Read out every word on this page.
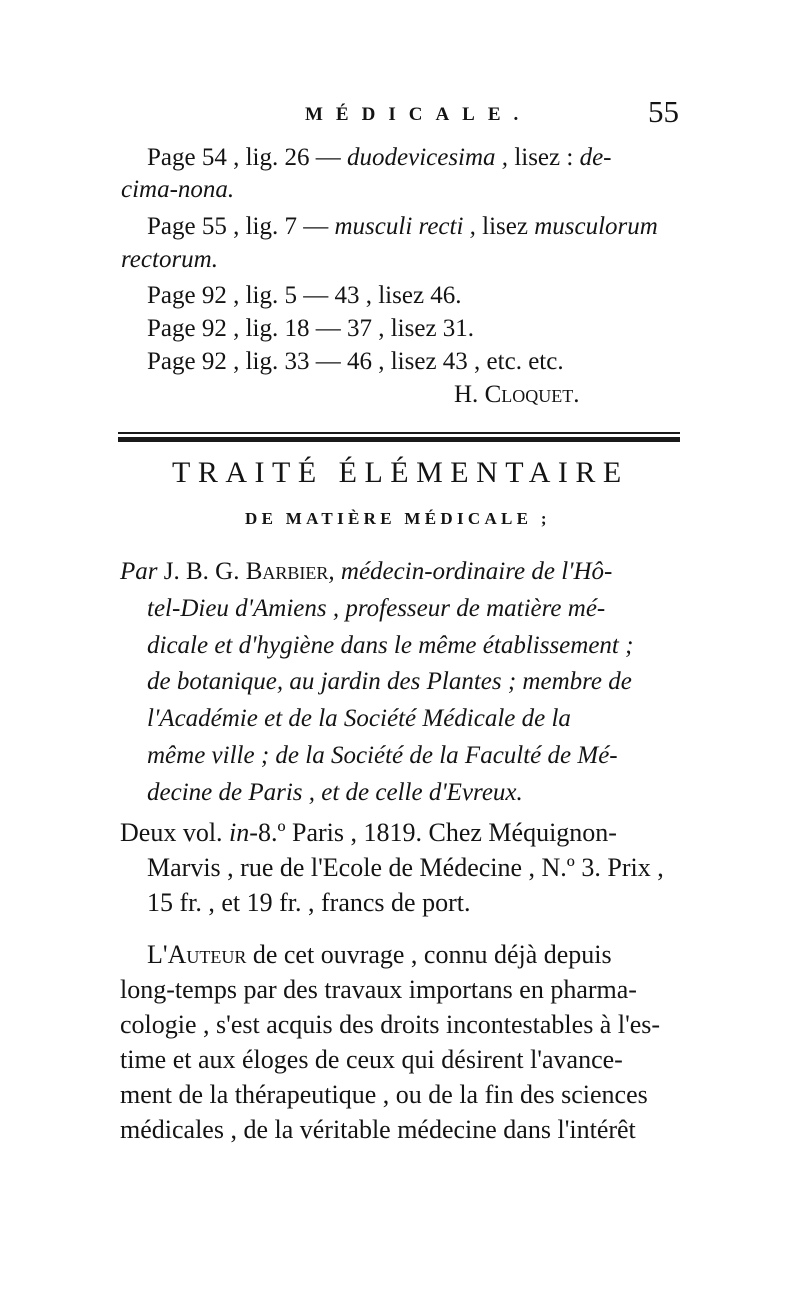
MÉDICALE.	55
Page 54 , lig. 26 — duodevicesima , lisez : de-
cima-nona.
Page 55 , lig. 7 — musculi recti , lisez musculorum
rectorum.
Page 92 , lig. 5 — 43 , lisez 46.
Page 92 , lig. 18 — 37 , lisez 31.
Page 92 , lig. 33 — 46 , lisez 43 , etc. etc.
H. Cloquet.
TRAITÉ ÉLÉMENTAIRE
DE MATIÈRE MÉDICALE ;
Par J. B. G. Barbier, médecin-ordinaire de l'Hô-
tel-Dieu d'Amiens , professeur de matière mé-
dicale et d'hygiène dans le même établissement ;
de botanique, au jardin des Plantes ; membre de
l'Académie et de la Société Médicale de la
même ville ; de la Société de la Faculté de Mé-
decine de Paris , et de celle d'Evreux.
Deux vol. in-8.º Paris , 1819. Chez Méquignon-
Marvis , rue de l'Ecole de Médecine , N.º 3. Prix ,
15 fr. , et 19 fr. , francs de port.
L'Auteur de cet ouvrage , connu déjà depuis
long-temps par des travaux importans en pharma-
cologie , s'est acquis des droits incontestables à l'es-
time et aux éloges de ceux qui désirent l'avance-
ment de la thérapeutique , ou de la fin des sciences
médicales , de la véritable médecine dans l'intérêt
